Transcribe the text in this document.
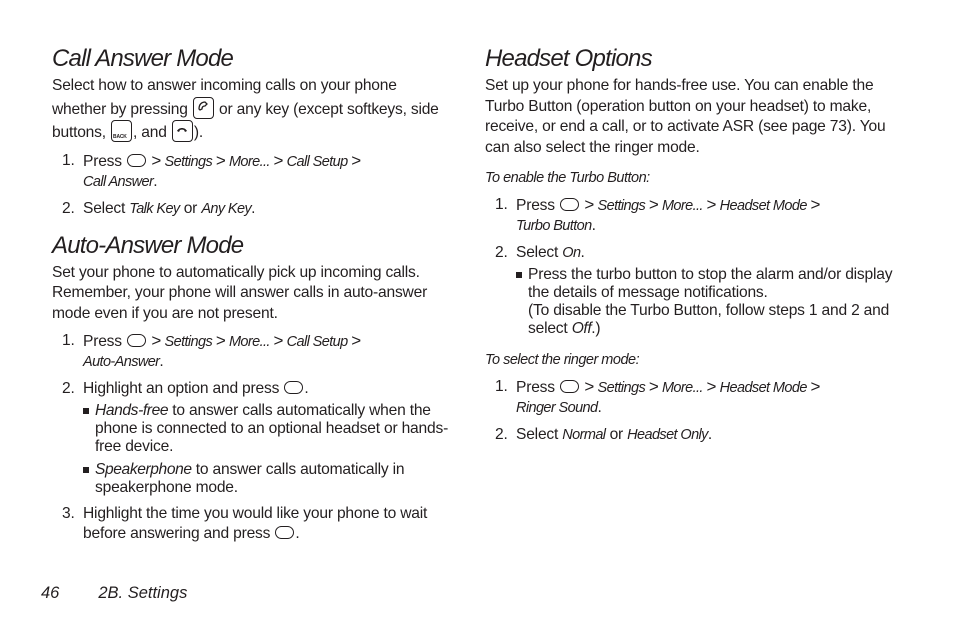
Call Answer Mode

Select how to answer incoming calls on your phone
whether by pressing or any key (except softkeys, side
buttons, BACK , and ).

1. Press > Settings > More... > Call Setup >
Call Answer.
2. Select Talk Key or Any Key.
Auto-Answer Mode

Set your phone to automatically pick up incoming calls. Remember, your phone will answer calls in auto-answer mode even if you are not present.

1. Press > Settings > More... > Call Setup >
Auto-Answer.
2. Highlight an option and press .
Hands-free to answer calls automatically when the phone is connected to an optional headset or hands-free device.
Speakerphone to answer calls automatically in speakerphone mode.
3. Highlight the time you would like your phone to wait before answering and press .
Headset Options

Set up your phone for hands-free use. You can enable the Turbo Button (operation button on your headset) to make, receive, or end a call, or to activate ASR (see page 73). You can also select the ringer mode.

To enable the Turbo Button:

1. Press > Settings > More... > Headset Mode >
Turbo Button.
2. Select On.
Press the turbo button to stop the alarm and/or display the details of message notifications.
(To disable the Turbo Button, follow steps 1 and 2 and select Off.)

To select the ringer mode:

1. Press > Settings > More... > Headset Mode >
Ringer Sound.
2. Select Normal or Headset Only.
46 2B. Settings
